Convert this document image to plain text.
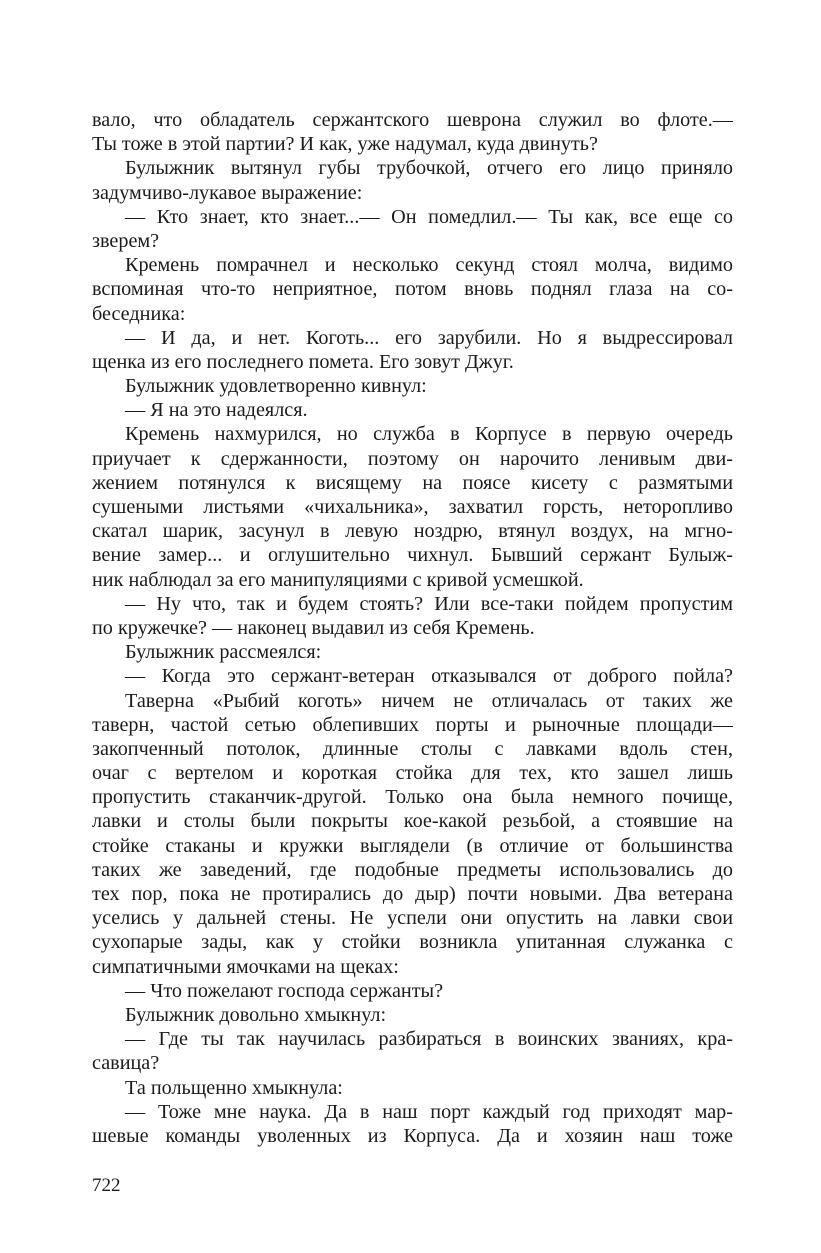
вало, что обладатель сержантского шеврона служил во флоте.—
Ты тоже в этой партии? И как, уже надумал, куда двинуть?
Булыжник вытянул губы трубочкой, отчего его лицо приняло
задумчиво-лукавое выражение:
— Кто знает, кто знает...— Он помедлил.— Ты как, все еще со
зверем?
Кремень помрачнел и несколько секунд стоял молча, видимо
вспоминая что-то неприятное, потом вновь поднял глаза на со-
беседника:
— И да, и нет. Коготь... его зарубили. Но я выдрессировал
щенка из его последнего помета. Его зовут Джуг.
Булыжник удовлетворенно кивнул:
— Я на это надеялся.
Кремень нахмурился, но служба в Корпусе в первую очередь
приучает к сдержанности, поэтому он нарочито ленивым дви-
жением потянулся к висящему на поясе кисету с размятыми
сушеными листьями «чихальника», захватил горсть, неторопливо
скатал шарик, засунул в левую ноздрю, втянул воздух, на мгно-
вение замер... и оглушительно чихнул. Бывший сержант Булыж-
ник наблюдал за его манипуляциями с кривой усмешкой.
— Ну что, так и будем стоять? Или все-таки пойдем пропустим
по кружечке? — наконец выдавил из себя Кремень.
Булыжник рассмеялся:
— Когда это сержант-ветеран отказывался от доброго пойла?
Таверна «Рыбий коготь» ничем не отличалась от таких же
таверн, частой сетью облепивших порты и рыночные площади—
закопченный потолок, длинные столы с лавками вдоль стен,
очаг с вертелом и короткая стойка для тех, кто зашел лишь
пропустить стаканчик-другой. Только она была немного почище,
лавки и столы были покрыты кое-какой резьбой, а стоявшие на
стойке стаканы и кружки выглядели (в отличие от большинства
таких же заведений, где подобные предметы использовались до
тех пор, пока не протирались до дыр) почти новыми. Два ветерана
уселись у дальней стены. Не успели они опустить на лавки свои
сухопарые зады, как у стойки возникла упитанная служанка с
симпатичными ямочками на щеках:
— Что пожелают господа сержанты?
Булыжник довольно хмыкнул:
— Где ты так научилась разбираться в воинских званиях, кра-
савица?
Та польщенно хмыкнула:
— Тоже мне наука. Да в наш порт каждый год приходят мар-
шевые команды уволенных из Корпуса. Да и хозяин наш тоже
722
